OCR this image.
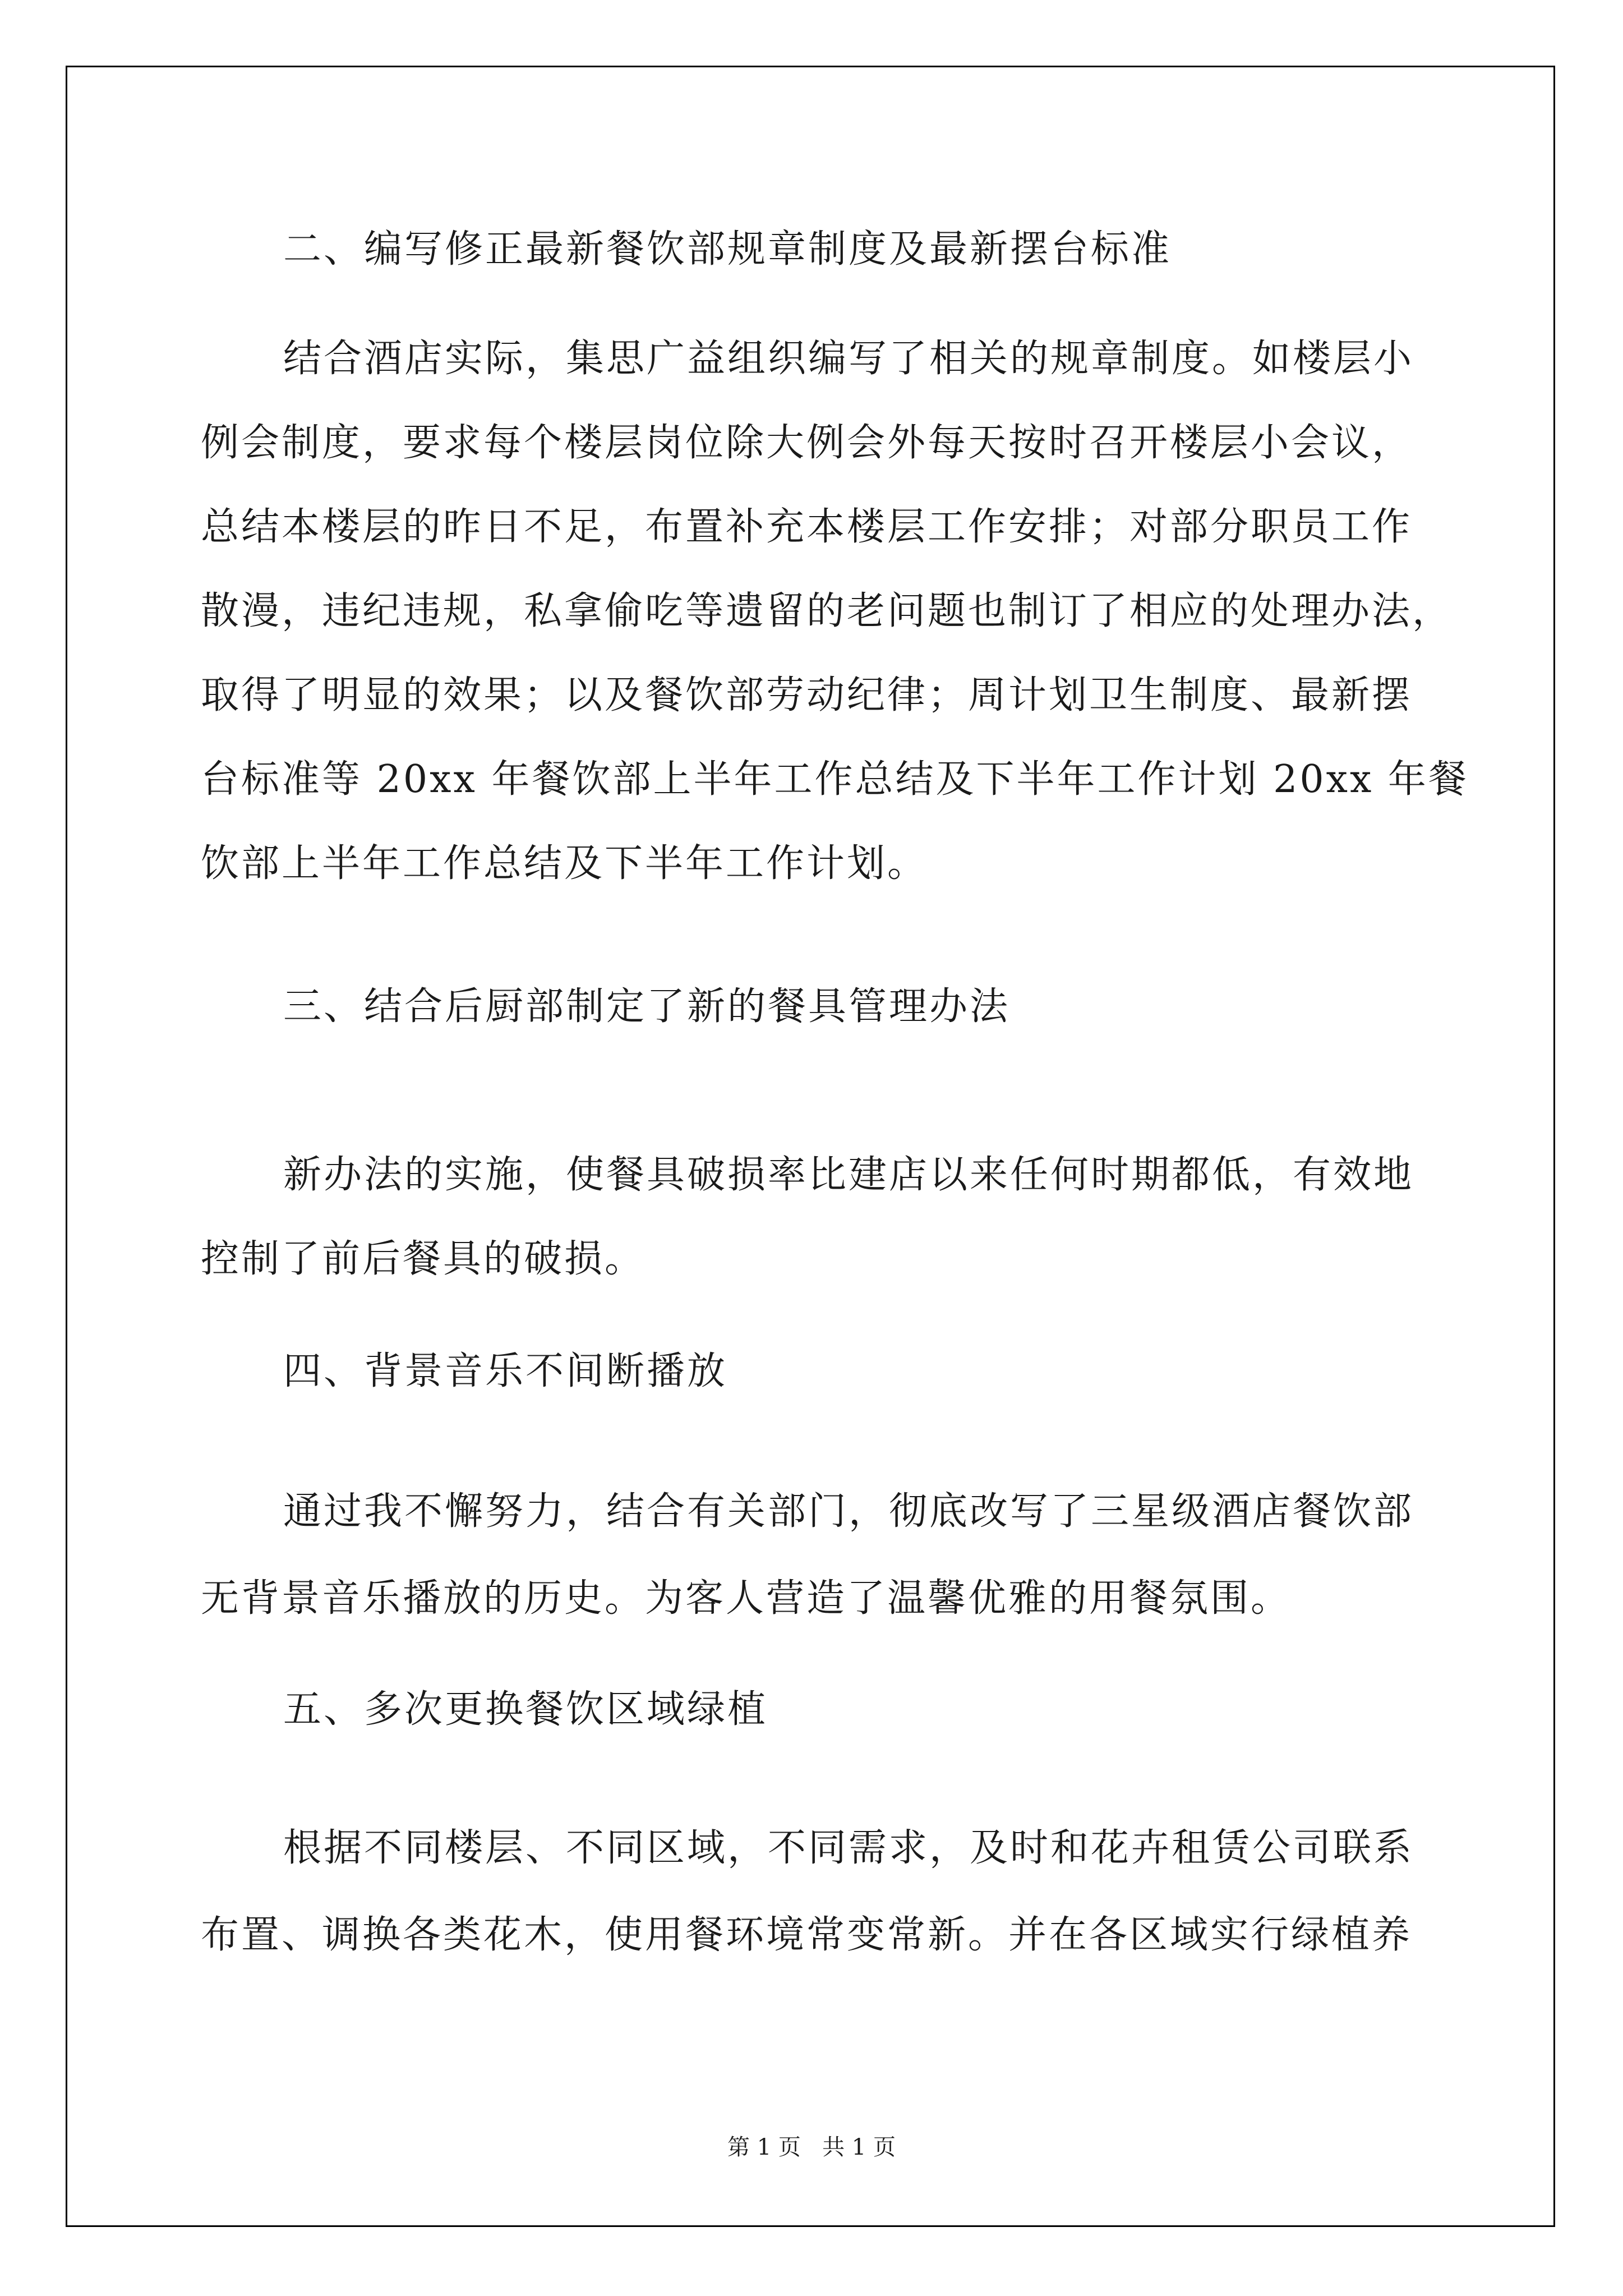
二、编写修正最新餐饮部规章制度及最新摆台标准
结合酒店实际，集思广益组织编写了相关的规章制度。如楼层小
例会制度，要求每个楼层岗位除大例会外每天按时召开楼层小会议，
总结本楼层的昨日不足，布置补充本楼层工作安排；对部分职员工作
散漫，违纪违规，私拿偷吃等遗留的老问题也制订了相应的处理办法，
取得了明显的效果；以及餐饮部劳动纪律；周计划卫生制度、最新摆
台标准等 20xx 年餐饮部上半年工作总结及下半年工作计划 20xx 年餐
饮部上半年工作总结及下半年工作计划。
三、结合后厨部制定了新的餐具管理办法
新办法的实施，使餐具破损率比建店以来任何时期都低，有效地
控制了前后餐具的破损。
四、背景音乐不间断播放
通过我不懈努力，结合有关部门，彻底改写了三星级酒店餐饮部
无背景音乐播放的历史。为客人营造了温馨优雅的用餐氛围。
五、多次更换餐饮区域绿植
根据不同楼层、不同区域，不同需求，及时和花卉租赁公司联系
布置、调换各类花木，使用餐环境常变常新。并在各区域实行绿植养
第 1 页   共 1 页
